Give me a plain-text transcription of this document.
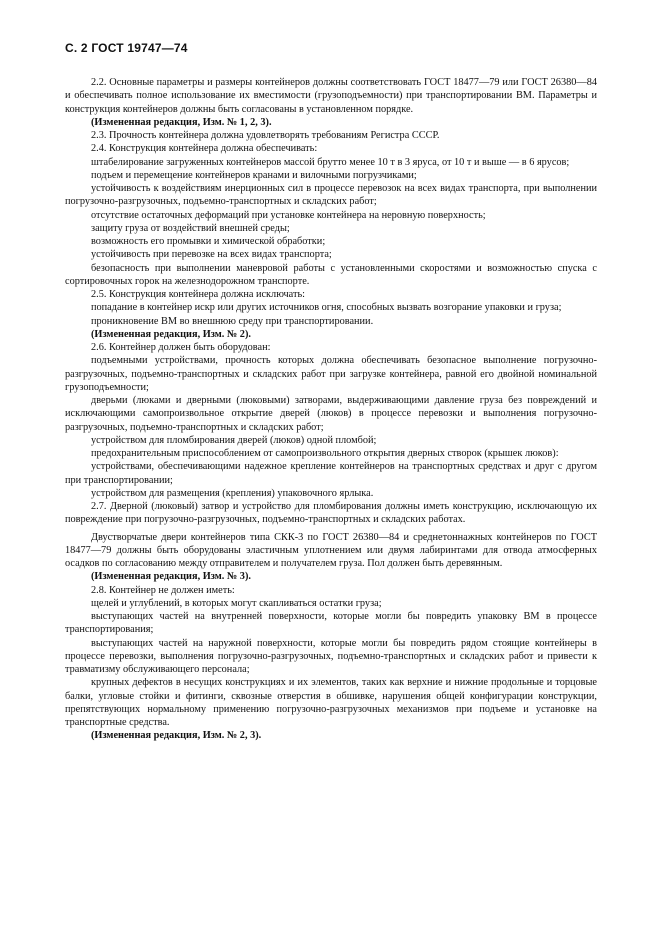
С. 2 ГОСТ 19747—74

2.2. Основные параметры и размеры контейнеров должны соответствовать ГОСТ 18477—79 или ГОСТ 26380—84 и обеспечивать полное использование их вместимости (грузоподъемности) при транспортировании ВМ. Параметры и конструкция контейнеров должны быть согласованы в установленном порядке.

(Измененная редакция, Изм. № 1, 2, 3).

2.3. Прочность контейнера должна удовлетворять требованиям Регистра СССР.

2.4. Конструкция контейнера должна обеспечивать:

штабелирование загруженных контейнеров массой брутто менее 10 т в 3 яруса, от 10 т и выше — в 6 ярусов;

подъем и перемещение контейнеров кранами и вилочными погрузчиками;

устойчивость к воздействиям инерционных сил в процессе перевозок на всех видах транспорта, при выполнении погрузочно-разгрузочных, подъемно-транспортных и складских работ;

отсутствие остаточных деформаций при установке контейнера на неровную поверхность;

защиту груза от воздействий внешней среды;

возможность его промывки и химической обработки;

устойчивость при перевозке на всех видах транспорта;

безопасность при выполнении маневровой работы с установленными скоростями и возможностью спуска с сортировочных горок на железнодорожном транспорте.

2.5. Конструкция контейнера должна исключать:

попадание в контейнер искр или других источников огня, способных вызвать возгорание упаковки и груза;

проникновение ВМ во внешнюю среду при транспортировании.

(Измененная редакция, Изм. № 2).

2.6. Контейнер должен быть оборудован:

подъемными устройствами, прочность которых должна обеспечивать безопасное выполнение погрузочно-разгрузочных, подъемно-транспортных и складских работ при загрузке контейнера, равной его двойной номинальной грузоподъемности;

дверьми (люками и дверными (люковыми) затворами, выдерживающими давление груза без повреждений и исключающими самопроизвольное открытие дверей (люков) в процессе перевозки и выполнения погрузочно-разгрузочных, подъемно-транспортных и складских работ;

устройством для пломбирования дверей (люков) одной пломбой;

предохранительным приспособлением от самопроизвольного открытия дверных створок (крышек люков):

устройствами, обеспечивающими надежное крепление контейнеров на транспортных средствах и друг с другом при транспортировании;

устройством для размещения (крепления) упаковочного ярлыка.

2.7. Дверной (люковый) затвор и устройство для пломбирования должны иметь конструкцию, исключающую их повреждение при погрузочно-разгрузочных, подъемно-транспортных и складских работах.

Двустворчатые двери контейнеров типа СКК-3 по ГОСТ 26380—84 и среднетоннажных контейнеров по ГОСТ 18477—79 должны быть оборудованы эластичным уплотнением или двумя лабиринтами для отвода атмосферных осадков по согласованию между отправителем и получателем груза. Пол должен быть деревянным.

(Измененная редакция, Изм. № 3).

2.8. Контейнер не должен иметь:

щелей и углублений, в которых могут скапливаться остатки груза;

выступающих частей на внутренней поверхности, которые могли бы повредить упаковку ВМ в процессе транспортирования;

выступающих частей на наружной поверхности, которые могли бы повредить рядом стоящие контейнеры в процессе перевозки, выполнения погрузочно-разгрузочных, подъемно-транспортных и складских работ и привести к травматизму обслуживающего персонала;

крупных дефектов в несущих конструкциях и их элементов, таких как верхние и нижние продольные и торцовые балки, угловые стойки и фитинги, сквозные отверстия в обшивке, нарушения общей конфигурации конструкции, препятствующих нормальному применению погрузочно-разгрузочных механизмов при подъеме и установке на транспортные средства.

(Измененная редакция, Изм. № 2, 3).
